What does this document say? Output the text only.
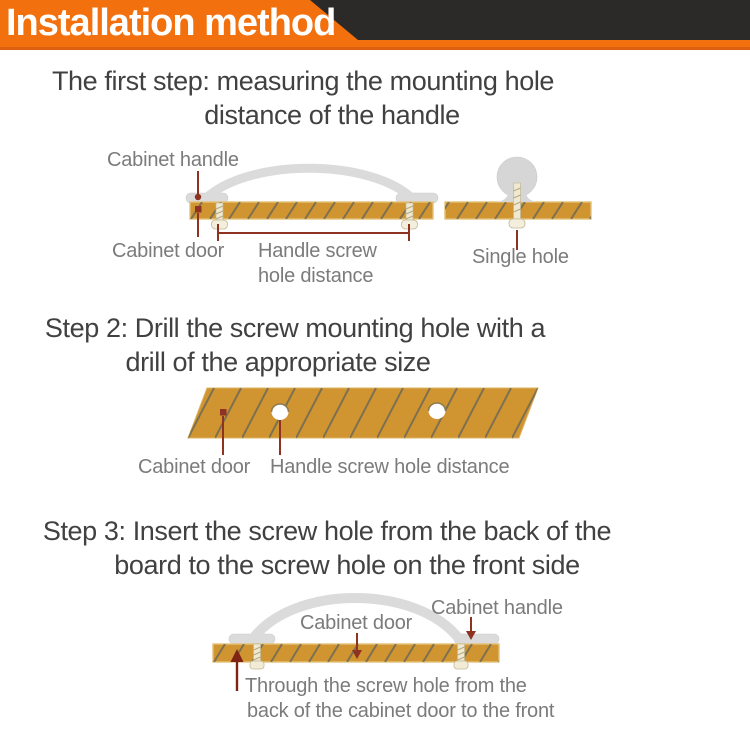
Installation method
The first step: measuring the mounting hole
distance of the handle
Step 2: Drill the screw mounting hole with a
drill of the appropriate size
Step 3: Insert the screw hole from the back of the
board to the screw hole on the front side
Cabinet handle
Cabinet door Handle screw
hole distance
Single hole
Cabinet door Handle screw hole distance
Cabinet door
Cabinet handle
Through the screw hole from the
back of the cabinet door to the front
